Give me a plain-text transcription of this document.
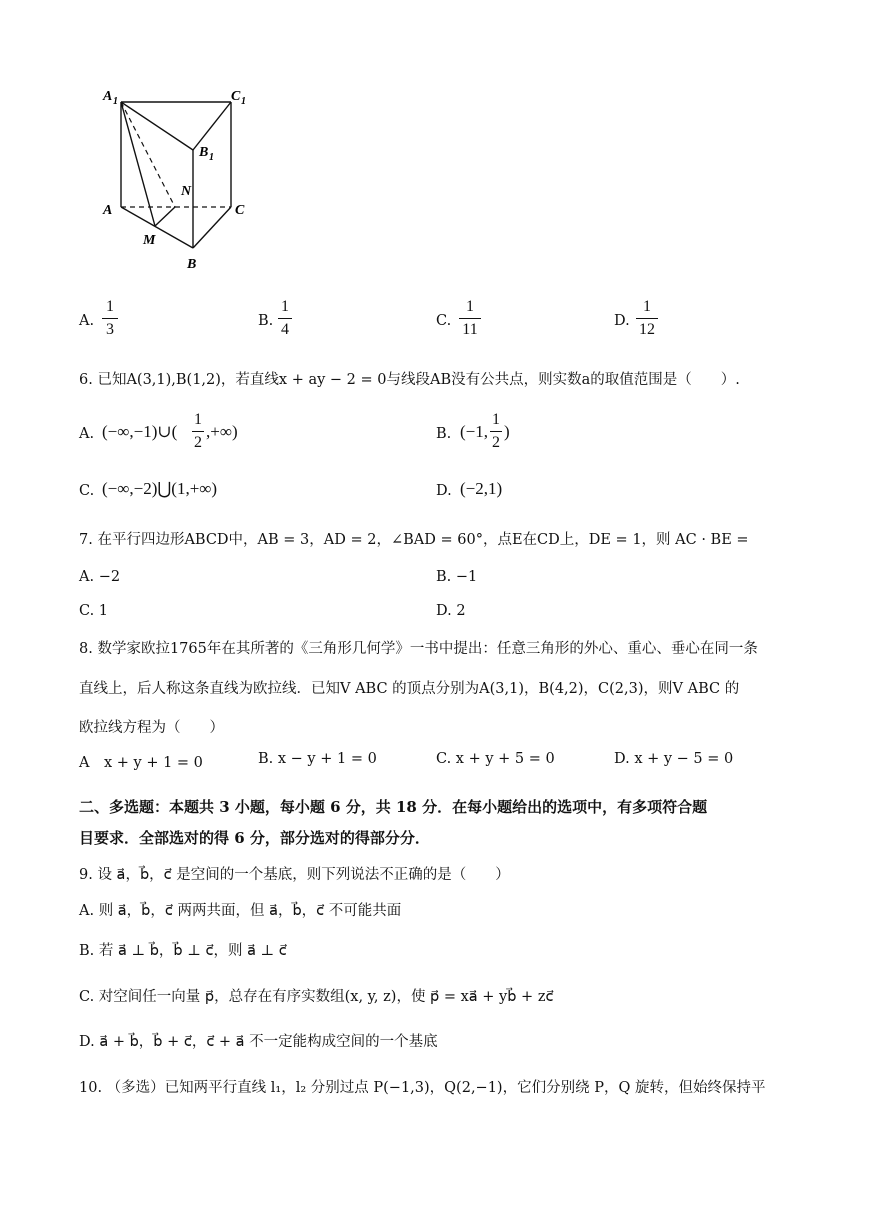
A 1	C 1
B 1
N
A	C
M
B
A.
1
3	B.
1
4	C.
1
11	D.
1
12
6. 已知A(3,1),B(1,2)，若直线x + ay − 2 = 0与线段AB没有公共点，则实数a的取值范围是（　　）.
A. (−∞,−1)∪(
1
2
,+∞)	B. (−1,
1
2
)
C. (−∞,−2)⋃(1,+∞)	D. (−2,1)
7. 在平行四边形ABCD中，AB = 3，AD = 2，∠BAD = 60°，点E在CD上，DE = 1，则 AC · BE =
A. −2	B. −1
C. 1	D. 2
8. 数学家欧拉1765年在其所著的《三角形几何学》一书中提出：任意三角形的外心、重心、垂心在同一条
直线上，后人称这条直线为欧拉线．已知V ABC 的顶点分别为A(3,1)，B(4,2)，C(2,3)，则V ABC 的
欧拉线方程为（　　）
A　x + y + 1 = 0	B. x − y + 1 = 0	C. x + y + 5 = 0	D. x + y − 5 = 0
二、多选题：本题共 3 小题，每小题 6 分，共 18 分．在每小题给出的选项中，有多项符合题
目要求．全部选对的得 6 分，部分选对的得部分分．
9. 设 a⃗，b⃗，c⃗ 是空间的一个基底，则下列说法不正确的是（　　）
A. 则 a⃗，b⃗，c⃗ 两两共面，但 a⃗，b⃗，c⃗ 不可能共面
B. 若 a⃗ ⊥ b⃗，b⃗ ⊥ c⃗，则 a⃗ ⊥ c⃗
C. 对空间任一向量 p⃗，总存在有序实数组(x, y, z)，使 p⃗ = xa⃗ + yb⃗ + zc⃗
D. a⃗ + b⃗，b⃗ + c⃗，c⃗ + a⃗ 不一定能构成空间的一个基底
10. （多选）已知两平行直线 l₁，l₂ 分别过点 P(−1,3)，Q(2,−1)，它们分别绕 P，Q 旋转，但始终保持平
